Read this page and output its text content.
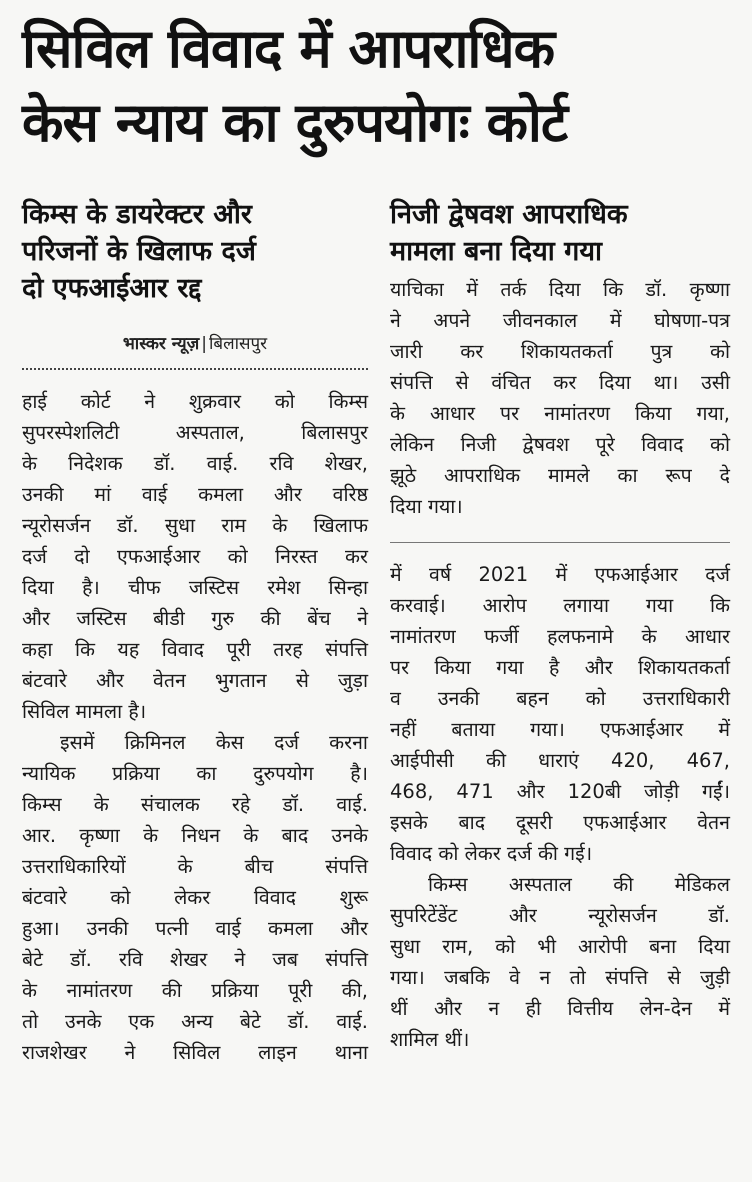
सिविल विवाद में आपराधिक
केस न्याय का दुरुपयोगः कोर्ट
किम्स के डायरेक्टर और
परिजनों के खिलाफ दर्ज
दो एफआईआर रद्द
भास्कर न्यूज़ | बिलासपुर

हाई कोर्ट ने शुक्रवार को किम्स
सुपरस्पेशलिटी अस्पताल, बिलासपुर
के निदेशक डॉ. वाई. रवि शेखर,
उनकी मां वाई कमला और वरिष्ठ
न्यूरोसर्जन डॉ. सुधा राम के खिलाफ
दर्ज दो एफआईआर को निरस्त कर
दिया है। चीफ जस्टिस रमेश सिन्हा
और जस्टिस बीडी गुरु की बेंच ने
कहा कि यह विवाद पूरी तरह संपत्ति
बंटवारे और वेतन भुगतान से जुड़ा
सिविल मामला है।

इसमें क्रिमिनल केस दर्ज करना
न्यायिक प्रक्रिया का दुरुपयोग है।
किम्स के संचालक रहे डॉ. वाई.
आर. कृष्णा के निधन के बाद उनके
उत्तराधिकारियों के बीच संपत्ति
बंटवारे को लेकर विवाद शुरू
हुआ। उनकी पत्नी वाई कमला और
बेटे डॉ. रवि शेखर ने जब संपत्ति
के नामांतरण की प्रक्रिया पूरी की,
तो उनके एक अन्य बेटे डॉ. वाई.
राजशेखर ने सिविल लाइन थाना

निजी द्वेषवश आपराधिक
मामला बना दिया गया

याचिका में तर्क दिया कि डॉ. कृष्णा
ने अपने जीवनकाल में घोषणा-पत्र
जारी कर शिकायतकर्ता पुत्र को
संपत्ति से वंचित कर दिया था। उसी
के आधार पर नामांतरण किया गया,
लेकिन निजी द्वेषवश पूरे विवाद को
झूठे आपराधिक मामले का रूप दे
दिया गया।

में वर्ष 2021 में एफआईआर दर्ज
करवाई। आरोप लगाया गया कि
नामांतरण फर्जी हलफनामे के आधार
पर किया गया है और शिकायतकर्ता
व उनकी बहन को उत्तराधिकारी
नहीं बताया गया। एफआईआर में
आईपीसी की धाराएं 420, 467,
468, 471 और 120बी जोड़ी गईं।
इसके बाद दूसरी एफआईआर वेतन
विवाद को लेकर दर्ज की गई।

किम्स अस्पताल की मेडिकल
सुपरिटेंडेंट और न्यूरोसर्जन डॉ.
सुधा राम, को भी आरोपी बना दिया
गया। जबकि वे न तो संपत्ति से जुड़ी
थीं और न ही वित्तीय लेन-देन में
शामिल थीं।
